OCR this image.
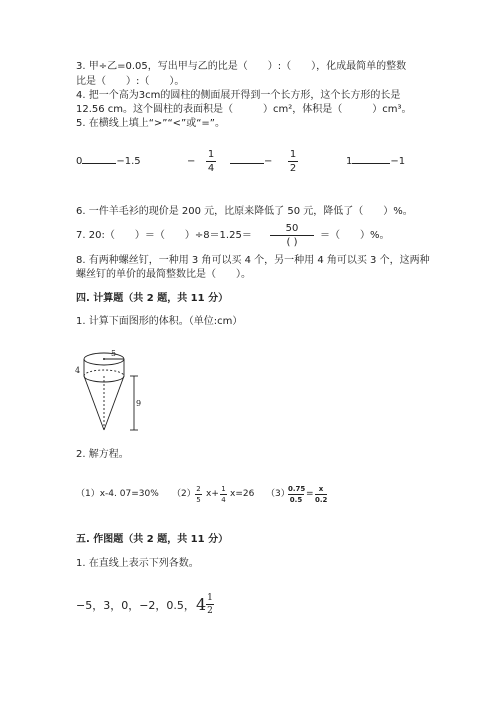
3. 甲÷乙=0.05，写出甲与乙的比是（　　）:（　　），化成最简单的整数
比是（　　）:（　　）。
4. 把一个高为3cm的圆柱的侧面展开得到一个长方形，这个长方形的长是
12.56 cm。这个圆柱的表面积是（　　　）cm²，体积是（　　　）cm³。
5. 在横线上填上“>”“<”或“=”。
0	−1.5	−
1
4
−
1
2
1	−1
6. 一件羊毛衫的现价是 200 元，比原来降低了 50 元，降低了（　　）%。
7. 20:（　　）＝（　　）÷8＝1.25＝
50
( )
＝（　　）%。
8. 有两种螺丝钉，一种用 3 角可以买 4 个，另一种用 4 角可以买 3 个，这两种
螺丝钉的单价的最简整数比是（　　）。
四. 计算题（共 2 题，共 11 分）
1. 计算下面图形的体积。（单位:cm）
5
4
9
2. 解方程。
（1）x-4. 07=30% （2） 2
5
x+ 1
4
x=26 （3）
0.75
0.5
= x
0.2
五. 作图题（共 2 题，共 11 分）
1. 在直线上表示下列各数。
−5，3，0，−2，0.5， 4 1
2
